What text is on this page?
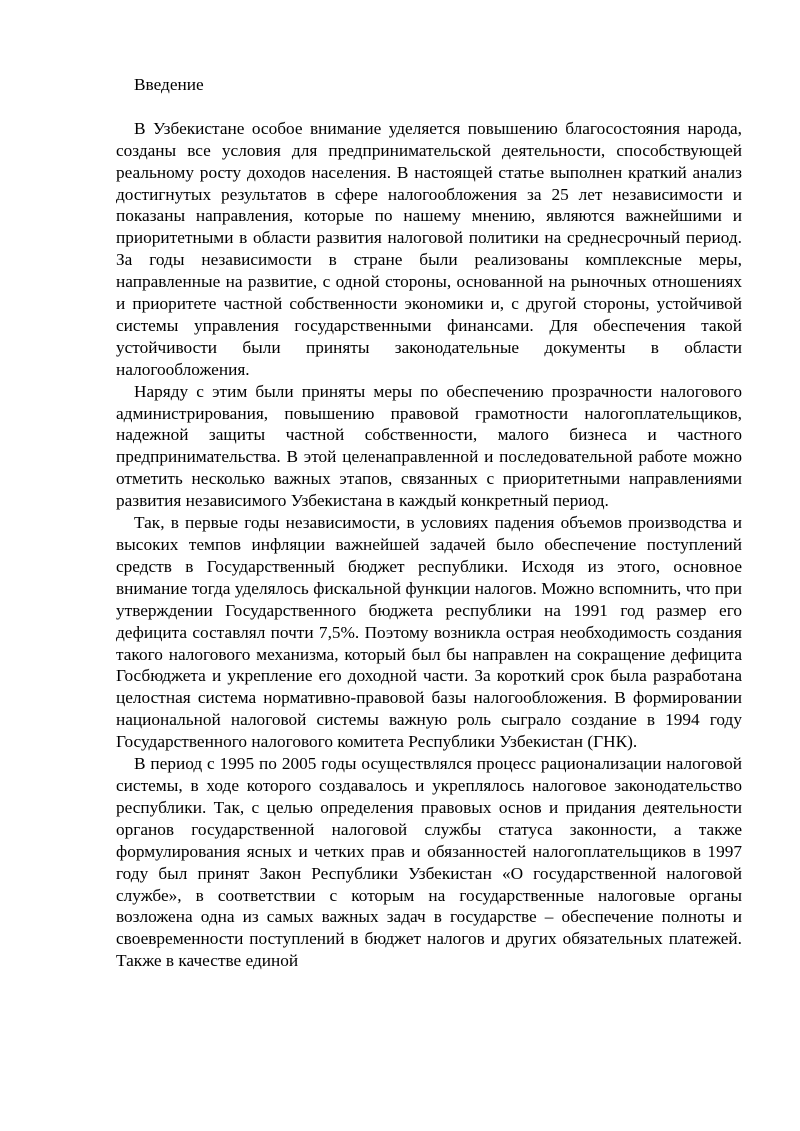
Введение

В Узбекистане особое внимание уделяется повышению благосостояния народа, созданы все условия для предпринимательской деятельности, способствующей реальному росту доходов населения. В настоящей статье выполнен краткий анализ достигнутых результатов в сфере налогообложения за 25 лет независимости и показаны направления, которые по нашему мнению, являются важнейшими и приоритетными в области развития налоговой политики на среднесрочный период. За годы независимости в стране были реализованы комплексные меры, направленные на развитие, с одной стороны, основанной на рыночных отношениях и приоритете частной собственности экономики и, с другой стороны, устойчивой системы управления государственными финансами. Для обеспечения такой устойчивости были приняты законодательные документы в области налогообложения.

Наряду с этим были приняты меры по обеспечению прозрачности налогового администрирования, повышению правовой грамотности налогоплательщиков, надежной защиты частной собственности, малого бизнеса и частного предпринимательства. В этой целенаправленной и последовательной работе можно отметить несколько важных этапов, связанных с приоритетными направлениями развития независимого Узбекистана в каждый конкретный период.

Так, в первые годы независимости, в условиях падения объемов производства и высоких темпов инфляции важнейшей задачей было обеспечение поступлений средств в Государственный бюджет республики. Исходя из этого, основное внимание тогда уделялось фискальной функции налогов. Можно вспомнить, что при утверждении Государственного бюджета республики на 1991 год размер его дефицита составлял почти 7,5%. Поэтому возникла острая необходимость создания такого налогового механизма, который был бы направлен на сокращение дефицита Госбюджета и укрепление его доходной части. За короткий срок была разработана целостная система нормативно-правовой базы налогообложения. В формировании национальной налоговой системы важную роль сыграло создание в 1994 году Государственного налогового комитета Республики Узбекистан (ГНК).

В период с 1995 по 2005 годы осуществлялся процесс рационализации налоговой системы, в ходе которого создавалось и укреплялось налоговое законодательство республики. Так, с целью определения правовых основ и придания деятельности органов государственной налоговой службы статуса законности, а также формулирования ясных и четких прав и обязанностей налогоплательщиков в 1997 году был принят Закон Республики Узбекистан «О государственной налоговой службе», в соответствии с которым на государственные налоговые органы возложена одна из самых важных задач в государстве – обеспечение полноты и своевременности поступлений в бюджет налогов и других обязательных платежей. Также в качестве единой
